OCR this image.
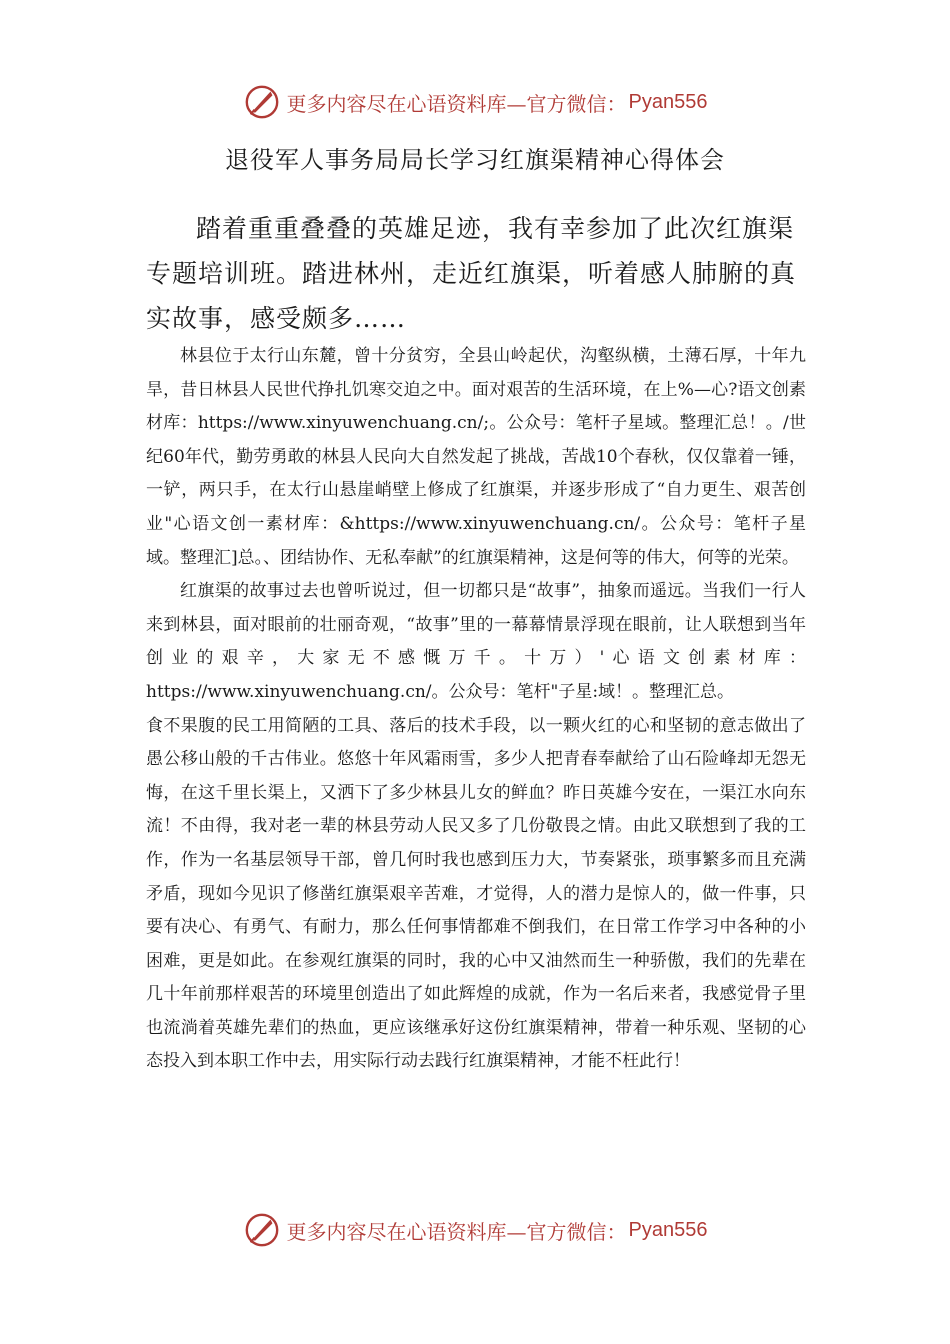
更多内容尽在心语资料库—官方微信： Pyan556
退役军人事务局局长学习红旗渠精神心得体会

踏着重重叠叠的英雄足迹，我有幸参加了此次红旗渠专题培训班。踏进林州，走近红旗渠，听着感人肺腑的真实故事，感受颇多……

林县位于太行山东麓，曾十分贫穷，全县山岭起伏，沟壑纵横，土薄石厚，十年九旱，昔日林县人民世代挣扎饥寒交迫之中。面对艰苦的生活环境，在上%—心?语文创素材库：https://www.xinyuwenchuang.cn/;。公众号：笔杆子星域。整理汇总！。/世纪60年代，勤劳勇敢的林县人民向大自然发起了挑战，苦战10个春秋，仅仅靠着一锤，一铲，两只手，在太行山悬崖峭壁上修成了红旗渠，并逐步形成了“自力更生、艰苦创业"心语文创一素材库：&https://www.xinyuwenchuang.cn/。公众号：笔杆子星域。整理汇]总。、团结协作、无私奉献”的红旗渠精神，这是何等的伟大，何等的光荣。

红旗渠的故事过去也曾听说过，但一切都只是“故事”，抽象而遥远。当我们一行人来到林县，面对眼前的壮丽奇观，“故事”里的一幕幕情景浮现在眼前，让人联想到当年创业的艰辛，大家无不感慨万千。十万）'心语文创素材库：https://www.xinyuwenchuang.cn/。公众号：笔杆"子星:域！。整理汇总。

食不果腹的民工用简陋的工具、落后的技术手段，以一颗火红的心和坚韧的意志做出了愚公移山般的千古伟业。悠悠十年风霜雨雪，多少人把青春奉献给了山石险峰却无怨无悔，在这千里长渠上，又洒下了多少林县儿女的鲜血？昨日英雄今安在，一渠江水向东流！不由得，我对老一辈的林县劳动人民又多了几份敬畏之情。由此又联想到了我的工作，作为一名基层领导干部，曾几何时我也感到压力大，节奏紧张，琐事繁多而且充满矛盾，现如今见识了修凿红旗渠艰辛苦难，才觉得，人的潜力是惊人的，做一件事，只要有决心、有勇气、有耐力，那么任何事情都难不倒我们，在日常工作学习中各种的小困难，更是如此。在参观红旗渠的同时，我的心中又油然而生一种骄傲，我们的先辈在几十年前那样艰苦的环境里创造出了如此辉煌的成就，作为一名后来者，我感觉骨子里也流淌着英雄先辈们的热血，更应该继承好这份红旗渠精神，带着一种乐观、坚韧的心态投入到本职工作中去，用实际行动去践行红旗渠精神，才能不枉此行！

更多内容尽在心语资料库—官方微信： Pyan556
